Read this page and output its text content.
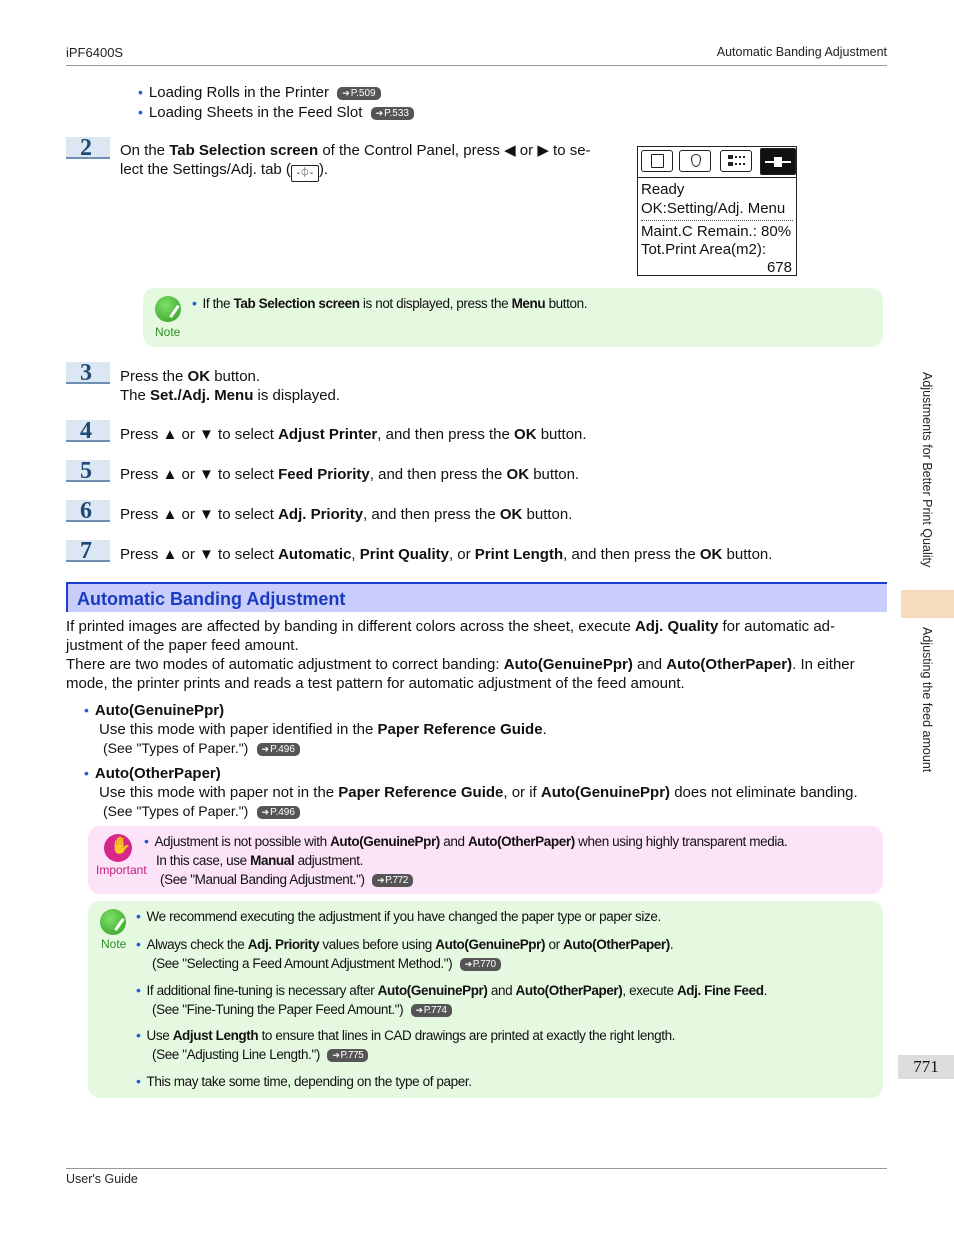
iPF6400S	Automatic Banding Adjustment
• Loading Rolls in the Printer ➔ P.509
• Loading Sheets in the Feed Slot ➔ P.533
2	On the Tab Selection screen of the Control Panel, press ◀ or ▶ to se-
lect the Settings/Adj. tab ( -⏀- ).
Ready
OK:Setting/Adj. Menu
Maint.C Remain.: 80%
Tot.Print Area(m2):
678
Note
• If the Tab Selection screen is not displayed, press the Menu button.
3	Press the OK button.
The Set./Adj. Menu is displayed.
4	Press ▲ or ▼ to select Adjust Printer, and then press the OK button.
5	Press ▲ or ▼ to select Feed Priority, and then press the OK button.
6	Press ▲ or ▼ to select Adj. Priority, and then press the OK button.
7	Press ▲ or ▼ to select Automatic, Print Quality, or Print Length, and then press the OK button.
Automatic Banding Adjustment
If printed images are affected by banding in different colors across the sheet, execute Adj. Quality for automatic ad-
justment of the paper feed amount.
There are two modes of automatic adjustment to correct banding: Auto(GenuinePpr) and Auto(OtherPaper). In either
mode, the printer prints and reads a test pattern for automatic adjustment of the feed amount.
• Auto(GenuinePpr)
Use this mode with paper identified in the Paper Reference Guide.
(See "Types of Paper.") ➔ P.496
• Auto(OtherPaper)
Use this mode with paper not in the Paper Reference Guide, or if Auto(GenuinePpr) does not eliminate banding.
(See "Types of Paper.") ➔ P.496
✋
Important
• Adjustment is not possible with Auto(GenuinePpr) and Auto(OtherPaper) when using highly transparent media.
In this case, use Manual adjustment.
(See "Manual Banding Adjustment.") ➔ P.772
Note
• We recommend executing the adjustment if you have changed the paper type or paper size.
• Always check the Adj. Priority values before using Auto(GenuinePpr) or Auto(OtherPaper).
(See "Selecting a Feed Amount Adjustment Method.") ➔ P.770
• If additional fine-tuning is necessary after Auto(GenuinePpr) and Auto(OtherPaper), execute Adj. Fine Feed.
(See "Fine-Tuning the Paper Feed Amount.") ➔ P.774
• Use Adjust Length to ensure that lines in CAD drawings are printed at exactly the right length.
(See "Adjusting Line Length.") ➔ P.775
• This may take some time, depending on the type of paper.
Adjustments for Better Print Quality
Adjusting the feed amount
771
User's Guide
